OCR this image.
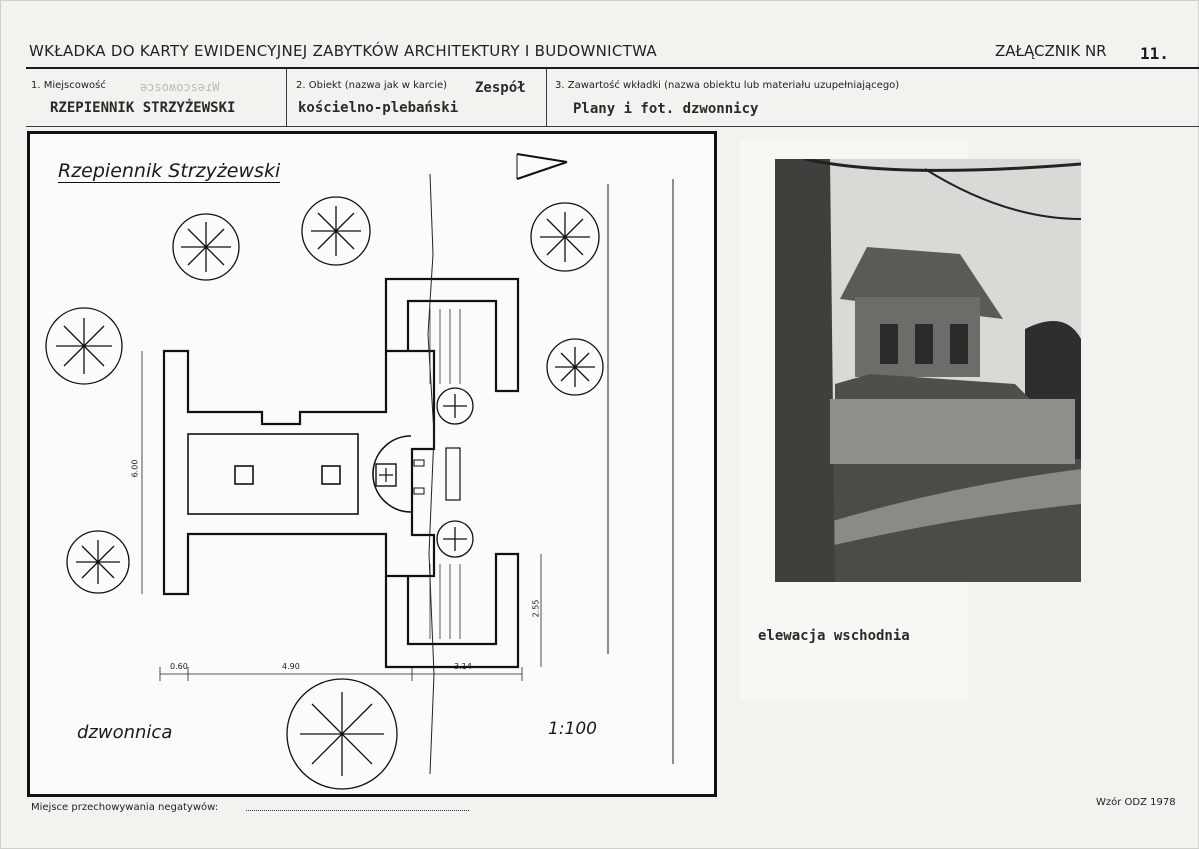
WKŁADKA DO KARTY EWIDENCYJNEJ ZABYTKÓW ARCHITEKTURY I BUDOWNICTWA	ZAŁĄCZNIK NR 11.
1. Miejscowość	ǝɔsoʍoɔsǝɾW
RZEPIENNIK STRZYŻEWSKI
2. Obiekt (nazwa jak w karcie) Zespół
kościelno-plebański
3. Zawartość wkładki (nazwa obiektu lub materiału uzupełniającego)
Plany i fot. dzwonnicy
Rzepiennik Strzyżewski
dzwonnica	1:100
0.60	4.90	3.14
6.00
2.55
elewacja wschodnia
Miejsce przechowywania negatywów:	Wzór ODZ 1978
